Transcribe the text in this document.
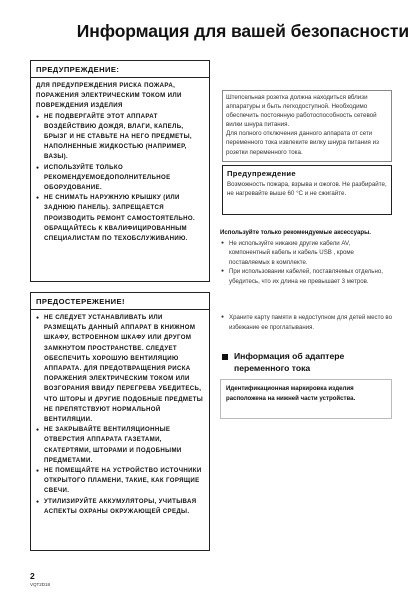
Информация для вашей безопасности
ПРЕДУПРЕЖДЕНИЕ:
ДЛЯ ПРЕДУПРЕЖДЕНИЯ РИСКА ПОЖАРА, ПОРАЖЕНИЯ ЭЛЕКТРИЧЕСКИМ ТОКОМ ИЛИ ПОВРЕЖДЕНИЯ ИЗДЕЛИЯ
● НЕ ПОДВЕРГАЙТЕ ЭТОТ АППАРАТ ВОЗДЕЙСТВИЮ ДОЖДЯ, ВЛАГИ, КАПЕЛЬ, БРЫЗГ И НЕ СТАВЬТЕ НА НЕГО ПРЕДМЕТЫ, НАПОЛНЕННЫЕ ЖИДКОСТЬЮ (НАПРИМЕР, ВАЗЫ).
● ИСПОЛЬЗУЙТЕ ТОЛЬКО РЕКОМЕНДУЕМОЕДОПОЛНИТЕЛЬНОЕ ОБОРУДОВАНИЕ.
● НЕ СНИМАТЬ НАРУЖНУЮ КРЫШКУ (ИЛИ ЗАДНЮЮ ПАНЕЛЬ). ЗАПРЕЩАЕТСЯ ПРОИЗВОДИТЬ РЕМОНТ САМОСТОЯТЕЛЬНО. ОБРАЩАЙТЕСЬ К КВАЛИФИЦИРОВАННЫМ СПЕЦИАЛИСТАМ ПО ТЕХОБСЛУЖИВАНИЮ.
ПРЕДОСТЕРЕЖЕНИЕ!
● НЕ СЛЕДУЕТ УСТАНАВЛИВАТЬ ИЛИ РАЗМЕЩАТЬ ДАННЫЙ АППАРАТ В КНИЖНОМ ШКАФУ, ВСТРОЕННОМ ШКАФУ ИЛИ ДРУГОМ ЗАМКНУТОМ ПРОСТРАНСТВЕ. СЛЕДУЕТ ОБЕСПЕЧИТЬ ХОРОШУЮ ВЕНТИЛЯЦИЮ АППАРАТА. ДЛЯ ПРЕДОТВРАЩЕНИЯ РИСКА ПОРАЖЕНИЯ ЭЛЕКТРИЧЕСКИМ ТОКОМ ИЛИ ВОЗГОРАНИЯ ВВИДУ ПЕРЕГРЕВА УБЕДИТЕСЬ, ЧТО ШТОРЫ И ДРУГИЕ ПОДОБНЫЕ ПРЕДМЕТЫ НЕ ПРЕПЯТСТВУЮТ НОРМАЛЬНОЙ ВЕНТИЛЯЦИИ.
● НЕ ЗАКРЫВАЙТЕ ВЕНТИЛЯЦИОННЫЕ ОТВЕРСТИЯ АППАРАТА ГАЗЕТАМИ, СКАТЕРТЯМИ, ШТОРАМИ И ПОДОБНЫМИ ПРЕДМЕТАМИ.
● НЕ ПОМЕЩАЙТЕ НА УСТРОЙСТВО ИСТОЧНИКИ ОТКРЫТОГО ПЛАМЕНИ, ТАКИЕ, КАК ГОРЯЩИЕ СВЕЧИ.
● УТИЛИЗИРУЙТЕ АККУМУЛЯТОРЫ, УЧИТЫВАЯ АСПЕКТЫ ОХРАНЫ ОКРУЖАЮЩЕЙ СРЕДЫ.
Штепсельная розетка должна находиться вблизи аппаратуры и быть легкодоступной. Необходимо обеспечить постоянную работоспособность сетевой вилки шнура питания.
Для полного отключения данного аппарата от сети переменного тока извлеките вилку шнура питания из розетки переменного тока.
Предупреждение
Возможность пожара, взрыва и ожогов. Не разбирайте, не нагревайте выше 60 °C и не сжигайте.
Используйте только рекомендуемые аксессуары.
● Не используйте никакие другие кабели AV, компонентный кабель и кабель USB , кроме поставляемых в комплекте.
● При использовании кабелей, поставляемых отдельно, убедитесь, что их длина не превышает 3 метров.
● Храните карту памяти в недоступном для детей место во избежание ее проглатывания.
Информация об адаптере переменного тока
Идентификационная маркировка изделия расположена на нижней части устройства.
2
VQT2D18
